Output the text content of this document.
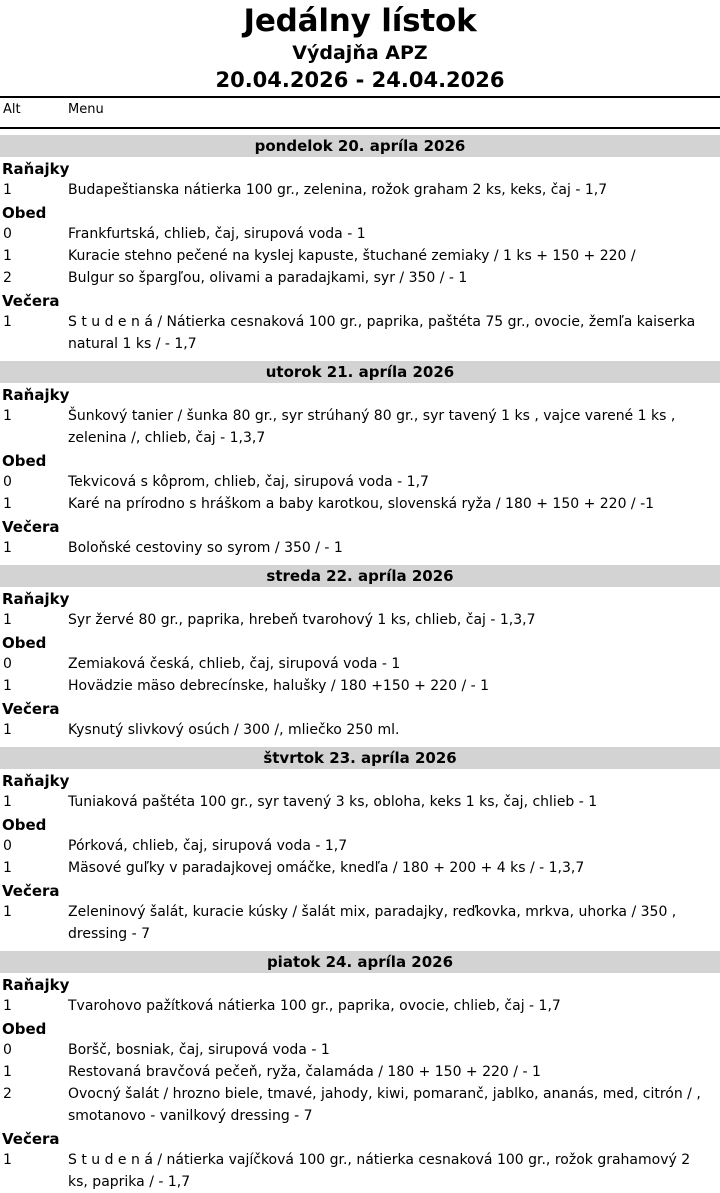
Jedálny lístok
Výdajňa APZ
20.04.2026 - 24.04.2026
Alt	Menu
pondelok 20. apríla 2026
Raňajky
1	Budapeštianska nátierka 100 gr., zelenina, rožok graham 2 ks, keks, čaj - 1,7
Obed
0	Frankfurtská, chlieb, čaj, sirupová voda - 1
1	Kuracie stehno pečené na kyslej kapuste, štuchané zemiaky / 1 ks + 150 + 220 /
2	Bulgur so špargľou, olivami a paradajkami, syr / 350 / - 1
Večera
1	S t u d e n á / Nátierka cesnaková 100 gr., paprika, paštéta 75 gr., ovocie, žemľa kaiserka natural 1 ks / - 1,7
utorok 21. apríla 2026
Raňajky
1	Šunkový tanier / šunka 80 gr., syr strúhaný 80 gr., syr tavený 1 ks , vajce varené 1 ks , zelenina /, chlieb, čaj - 1,3,7
Obed
0	Tekvicová s kôprom, chlieb, čaj, sirupová voda - 1,7
1	Karé na prírodno s hráškom a baby karotkou, slovenská ryža / 180 + 150 + 220 / -1
Večera
1	Boloňské cestoviny so syrom / 350 / - 1
streda 22. apríla 2026
Raňajky
1	Syr žervé 80 gr., paprika, hrebeň tvarohový 1 ks, chlieb, čaj - 1,3,7
Obed
0	Zemiaková česká, chlieb, čaj, sirupová voda - 1
1	Hovädzie mäso debrecínske, halušky / 180 +150 + 220 / - 1
Večera
1	Kysnutý slivkový osúch / 300 /, mliečko 250 ml.
štvrtok 23. apríla 2026
Raňajky
1	Tuniaková paštéta 100 gr., syr tavený 3 ks, obloha, keks 1 ks, čaj, chlieb - 1
Obed
0	Pórková, chlieb, čaj, sirupová voda - 1,7
1	Mäsové guľky v paradajkovej omáčke, knedľa / 180 + 200 + 4 ks / - 1,3,7
Večera
1	Zeleninový šalát, kuracie kúsky / šalát mix, paradajky, reďkovka, mrkva, uhorka / 350 , dressing - 7
piatok 24. apríla 2026
Raňajky
1	Tvarohovo pažítková nátierka 100 gr., paprika, ovocie, chlieb, čaj - 1,7
Obed
0	Boršč, bosniak, čaj, sirupová voda - 1
1	Restovaná bravčová pečeň, ryža, čalamáda / 180 + 150 + 220 / - 1
2	Ovocný šalát / hrozno biele, tmavé, jahody, kiwi, pomaranč, jablko, ananás, med, citrón / , smotanovo - vanilkový dressing - 7
Večera
1	S t u d e n á / nátierka vajíčková 100 gr., nátierka cesnaková 100 gr., rožok grahamový 2 ks, paprika / - 1,7
